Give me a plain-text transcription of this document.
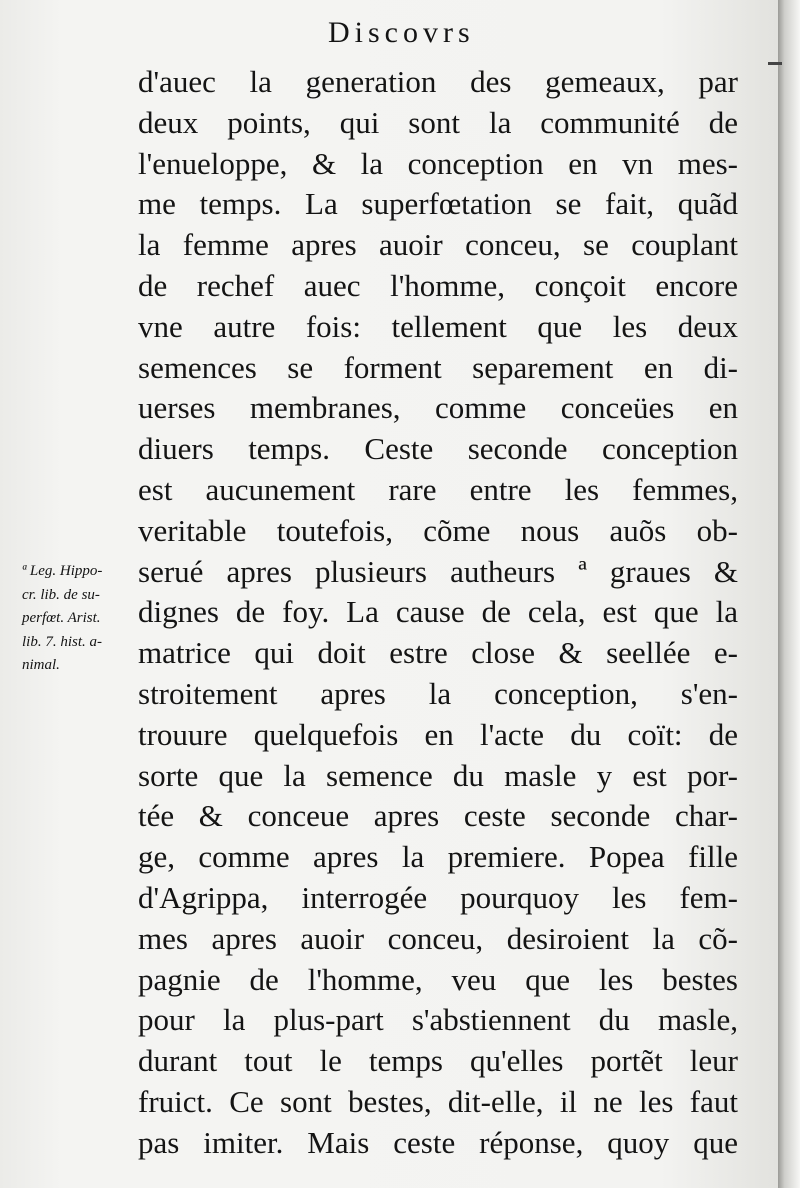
Discovrs
d'auec la generation des gemeaux, par
deux points, qui sont la communité de
l'enueloppe, & la conception en vn mes-
me temps. La superfœtation se fait, quãd
la femme apres auoir conceu, se couplant
de rechef auec l'homme, conçoit encore
vne autre fois: tellement que les deux
semences se forment separement en di-
uerses membranes, comme conceües en
diuers temps. Ceste seconde conception
est aucunement rare entre les femmes,
veritable toutefois, cõme nous auõs ob-
serué apres plusieurs autheurs ª graues &
dignes de foy. La cause de cela, est que la
matrice qui doit estre close & seellée e-
stroitement apres la conception, s'en-
trouure quelquefois en l'acte du coït: de
sorte que la semence du masle y est por-
tée & conceue apres ceste seconde char-
ge, comme apres la premiere. Popea fille
d'Agrippa, interrogée pourquoy les fem-
mes apres auoir conceu, desiroient la cõ-
pagnie de l'homme, veu que les bestes
pour la plus-part s'abstiennent du masle,
durant tout le temps qu'elles portẽt leur
fruict. Ce sont bestes, dit-elle, il ne les faut
pas imiter. Mais ceste réponse, quoy que
ª Leg. Hippo-
cr. lib. de su-
perfœt. Arist.
lib. 7. hist. a-
nimal.
